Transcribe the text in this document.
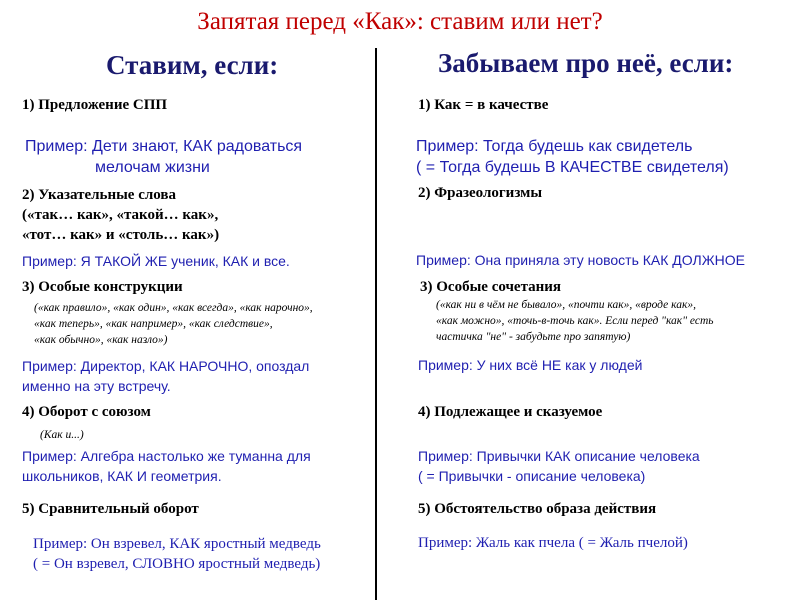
Запятая перед «Как»: ставим или нет?
Ставим, если:	Забываем про неё, если:
1) Предложение СПП
Пример: Дети знают, КАК радоваться
мелочам жизни
2) Указательные слова
(«так… как», «такой… как»,
«тот… как» и «столь… как»)
Пример: Я ТАКОЙ ЖЕ ученик, КАК и все.
3) Особые конструкции
(«как правило», «как один», «как всегда», «как нарочно»,
«как теперь», «как например», «как следствие»,
«как обычно», «как назло»)
Пример: Директор, КАК НАРОЧНО, опоздал
именно на эту встречу.
4) Оборот с союзом
(Как и...)
Пример: Алгебра настолько же туманна для
школьников, КАК И геометрия.
5) Сравнительный оборот
Пример: Он взревел, КАК яростный медведь
( = Он взревел, СЛОВНО яростный медведь)
1) Как = в качестве
Пример: Тогда будешь как свидетель
( = Тогда будешь В КАЧЕСТВЕ свидетеля)
2) Фразеологизмы
Пример: Она приняла эту новость КАК ДОЛЖНОЕ
3) Особые сочетания
(«как ни в чём не бывало», «почти как», «вроде как»,
«как можно», «точь-в-точь как». Если перед "как" есть
частичка "не" - забудьте про запятую)
Пример: У них всё НЕ как у людей
4) Подлежащее и сказуемое
Пример: Привычки КАК описание человека
( = Привычки - описание человека)
5) Обстоятельство образа действия
Пример: Жаль как пчела ( = Жаль пчелой)
